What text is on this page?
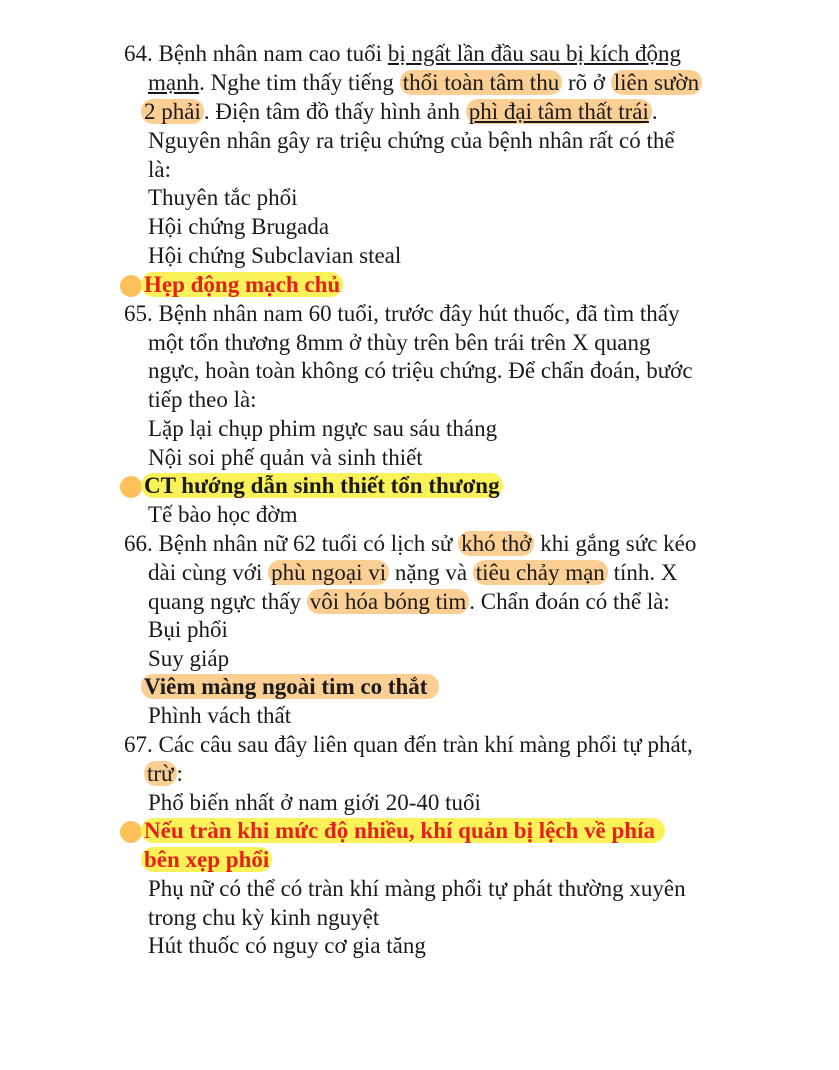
64. Bệnh nhân nam cao tuổi bị ngất lần đầu sau bị kích động
mạnh. Nghe tim thấy tiếng thổi toàn tâm thu rõ ở liên sườn
2 phải . Điện tâm đồ thấy hình ảnh phì đại tâm thất trái .
Nguyên nhân gây ra triệu chứng của bệnh nhân rất có thể
là:
Thuyên tắc phổi
Hội chứng Brugada
Hội chứng Subclavian steal
Hẹp động mạch chủ
65. Bệnh nhân nam 60 tuổi, trước đây hút thuốc, đã tìm thấy
một tổn thương 8mm ở thùy trên bên trái trên X quang
ngực, hoàn toàn không có triệu chứng. Để chẩn đoán, bước
tiếp theo là:
Lặp lại chụp phim ngực sau sáu tháng
Nội soi phế quản và sinh thiết
CT hướng dẫn sinh thiết tổn thương
Tế bào học đờm
66. Bệnh nhân nữ 62 tuổi có lịch sử khó thở khi gắng sức kéo
dài cùng với phù ngoại vi nặng và tiêu chảy mạn tính. X
quang ngực thấy vôi hóa bóng tim . Chẩn đoán có thể là:
Bụi phổi
Suy giáp
Viêm màng ngoài tim co thắt
Phình vách thất
67. Các câu sau đây liên quan đến tràn khí màng phổi tự phát,
trừ :
Phổ biến nhất ở nam giới 20-40 tuổi
Nếu tràn khi mức độ nhiều, khí quản bị lệch về phía
bên xẹp phổi
Phụ nữ có thể có tràn khí màng phổi tự phát thường xuyên
trong chu kỳ kinh nguyệt
Hút thuốc có nguy cơ gia tăng
